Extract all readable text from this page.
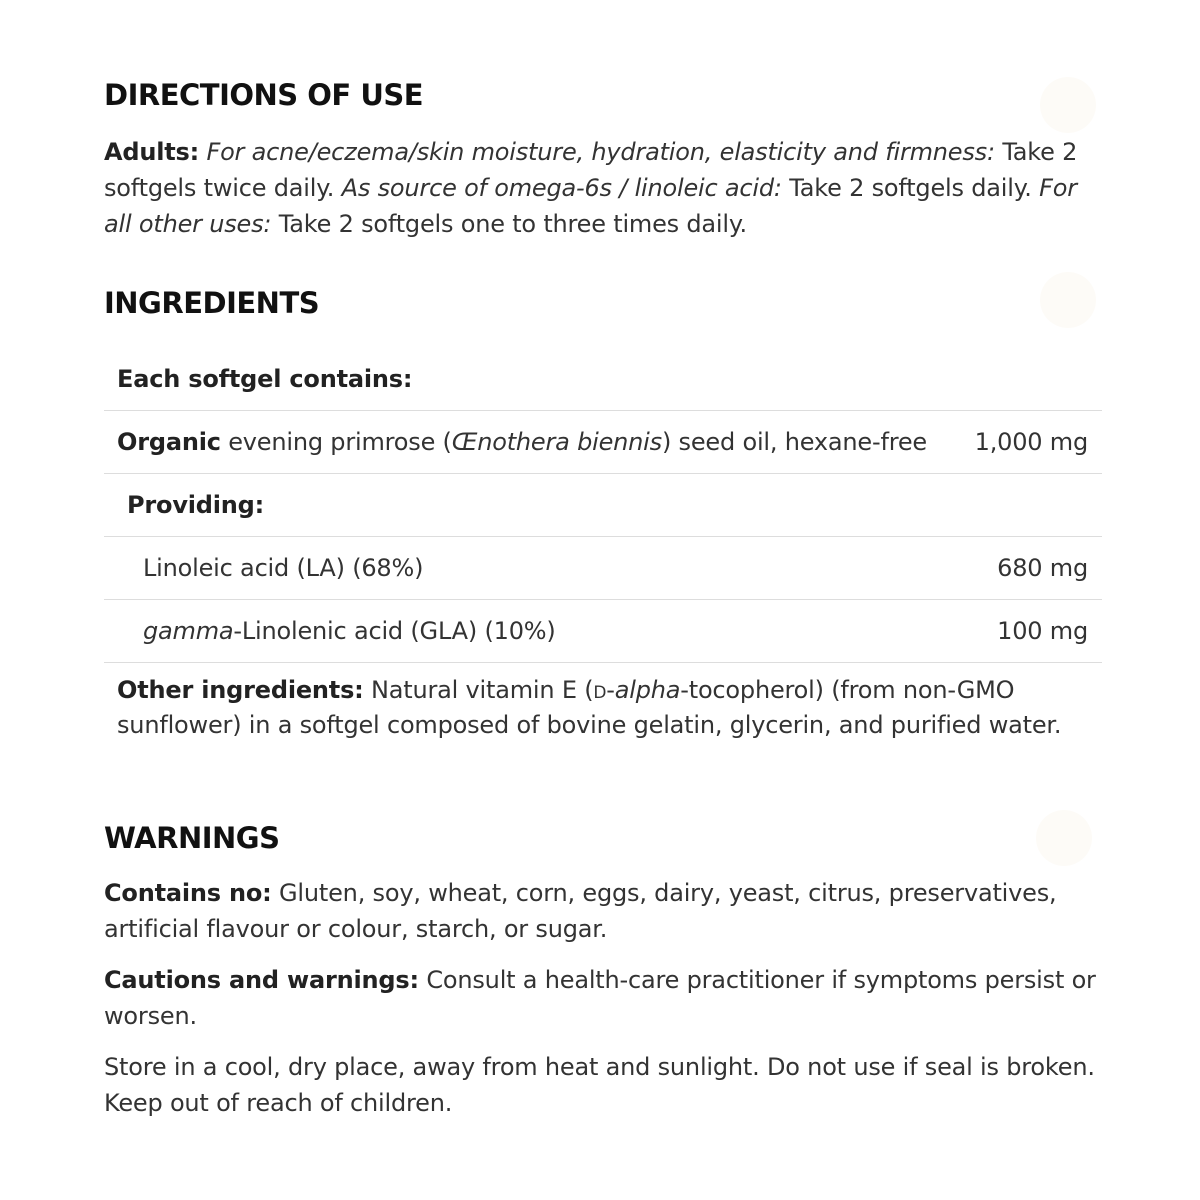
DIRECTIONS OF USE

Adults: For acne/eczema/skin moisture, hydration, elasticity and firmness: Take 2 softgels twice daily. As source of omega-6s / linoleic acid: Take 2 softgels daily. For all other uses: Take 2 softgels one to three times daily.

INGREDIENTS
Each softgel contains:	
Organic evening primrose (Œnothera biennis) seed oil, hexane-free	1,000 mg
Providing:	
Linoleic acid (LA) (68%)	680 mg
gamma-Linolenic acid (GLA) (10%)	100 mg

Other ingredients: Natural vitamin E (d-alpha-tocopherol) (from non-GMO sunflower) in a softgel composed of bovine gelatin, glycerin, and purified water.

WARNINGS

Contains no: Gluten, soy, wheat, corn, eggs, dairy, yeast, citrus, preservatives, artificial flavour or colour, starch, or sugar.

Cautions and warnings: Consult a health-care practitioner if symptoms persist or worsen.

Store in a cool, dry place, away from heat and sunlight. Do not use if seal is broken. Keep out of reach of children.
